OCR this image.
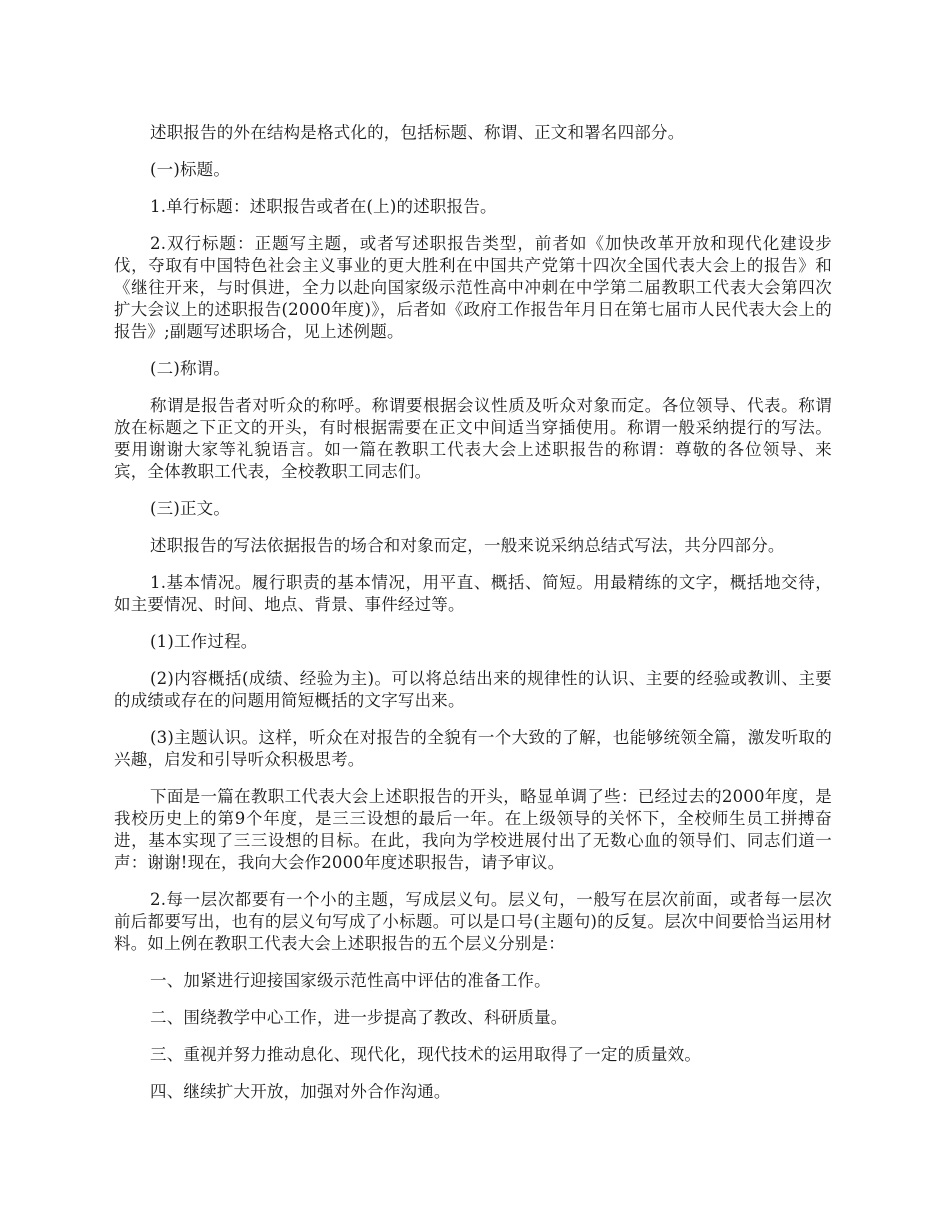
述职报告的外在结构是格式化的，包括标题、称谓、正文和署名四部分。

(一)标题。

1.单行标题：述职报告或者在(上)的述职报告。

2.双行标题：正题写主题，或者写述职报告类型，前者如《加快改革开放和现代化建设步伐，夺取有中国特色社会主义事业的更大胜利在中国共产党第十四次全国代表大会上的报告》和《继往开来，与时俱进，全力以赴向国家级示范性高中冲刺在中学第二届教职工代表大会第四次扩大会议上的述职报告(2000年度)》，后者如《政府工作报告年月日在第七届市人民代表大会上的报告》;副题写述职场合，见上述例题。

(二)称谓。

称谓是报告者对听众的称呼。称谓要根据会议性质及听众对象而定。各位领导、代表。称谓放在标题之下正文的开头，有时根据需要在正文中间适当穿插使用。称谓一般采纳提行的写法。要用谢谢大家等礼貌语言。如一篇在教职工代表大会上述职报告的称谓：尊敬的各位领导、来宾，全体教职工代表，全校教职工同志们。

(三)正文。

述职报告的写法依据报告的场合和对象而定，一般来说采纳总结式写法，共分四部分。

1.基本情况。履行职责的基本情况，用平直、概括、简短。用最精练的文字，概括地交待，如主要情况、时间、地点、背景、事件经过等。

(1)工作过程。

(2)内容概括(成绩、经验为主)。可以将总结出来的规律性的认识、主要的经验或教训、主要的成绩或存在的问题用简短概括的文字写出来。

(3)主题认识。这样，听众在对报告的全貌有一个大致的了解，也能够统领全篇，激发听取的兴趣，启发和引导听众积极思考。

下面是一篇在教职工代表大会上述职报告的开头，略显单调了些：已经过去的2000年度，是我校历史上的第9个年度，是三三设想的最后一年。在上级领导的关怀下，全校师生员工拼搏奋进，基本实现了三三设想的目标。在此，我向为学校进展付出了无数心血的领导们、同志们道一声：谢谢!现在，我向大会作2000年度述职报告，请予审议。

2.每一层次都要有一个小的主题，写成层义句。层义句，一般写在层次前面，或者每一层次前后都要写出，也有的层义句写成了小标题。可以是口号(主题句)的反复。层次中间要恰当运用材料。如上例在教职工代表大会上述职报告的五个层义分别是：

一、加紧进行迎接国家级示范性高中评估的准备工作。

二、围绕教学中心工作，进一步提高了教改、科研质量。

三、重视并努力推动息化、现代化，现代技术的运用取得了一定的质量效。

四、继续扩大开放，加强对外合作沟通。
